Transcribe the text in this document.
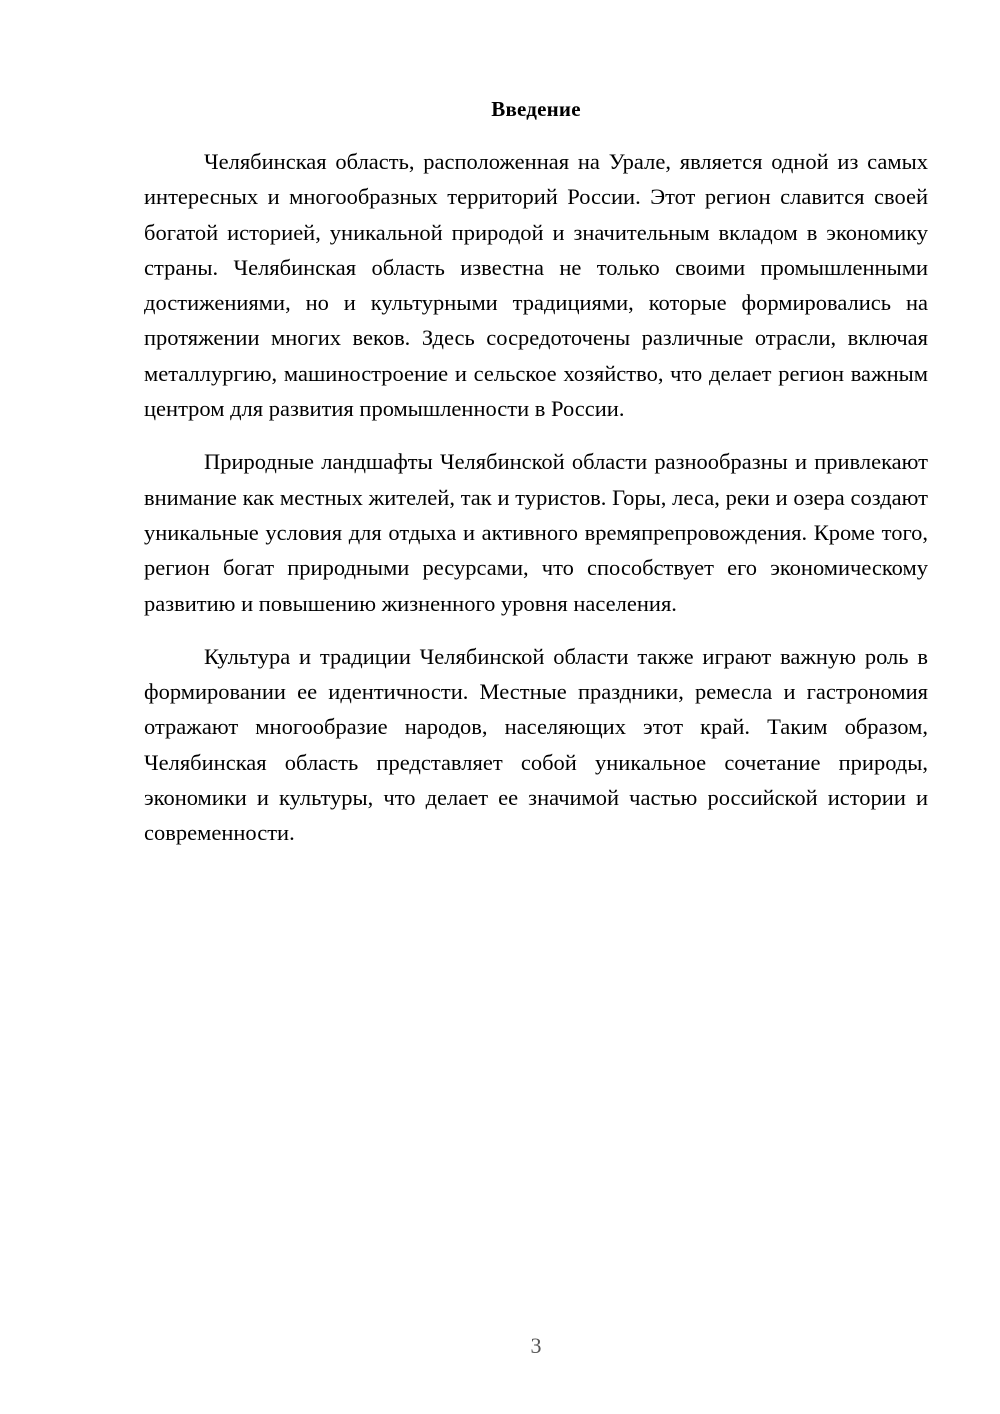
Введение

Челябинская область, расположенная на Урале, является одной из самых интересных и многообразных территорий России. Этот регион славится своей богатой историей, уникальной природой и значительным вкладом в экономику страны. Челябинская область известна не только своими промышленными достижениями, но и культурными традициями, которые формировались на протяжении многих веков. Здесь сосредоточены различные отрасли, включая металлургию, машиностроение и сельское хозяйство, что делает регион важным центром для развития промышленности в России.

Природные ландшафты Челябинской области разнообразны и привлекают внимание как местных жителей, так и туристов. Горы, леса, реки и озера создают уникальные условия для отдыха и активного времяпрепровождения. Кроме того, регион богат природными ресурсами, что способствует его экономическому развитию и повышению жизненного уровня населения.

Культура и традиции Челябинской области также играют важную роль в формировании ее идентичности. Местные праздники, ремесла и гастрономия отражают многообразие народов, населяющих этот край. Таким образом, Челябинская область представляет собой уникальное сочетание природы, экономики и культуры, что делает ее значимой частью российской истории и современности.

3
